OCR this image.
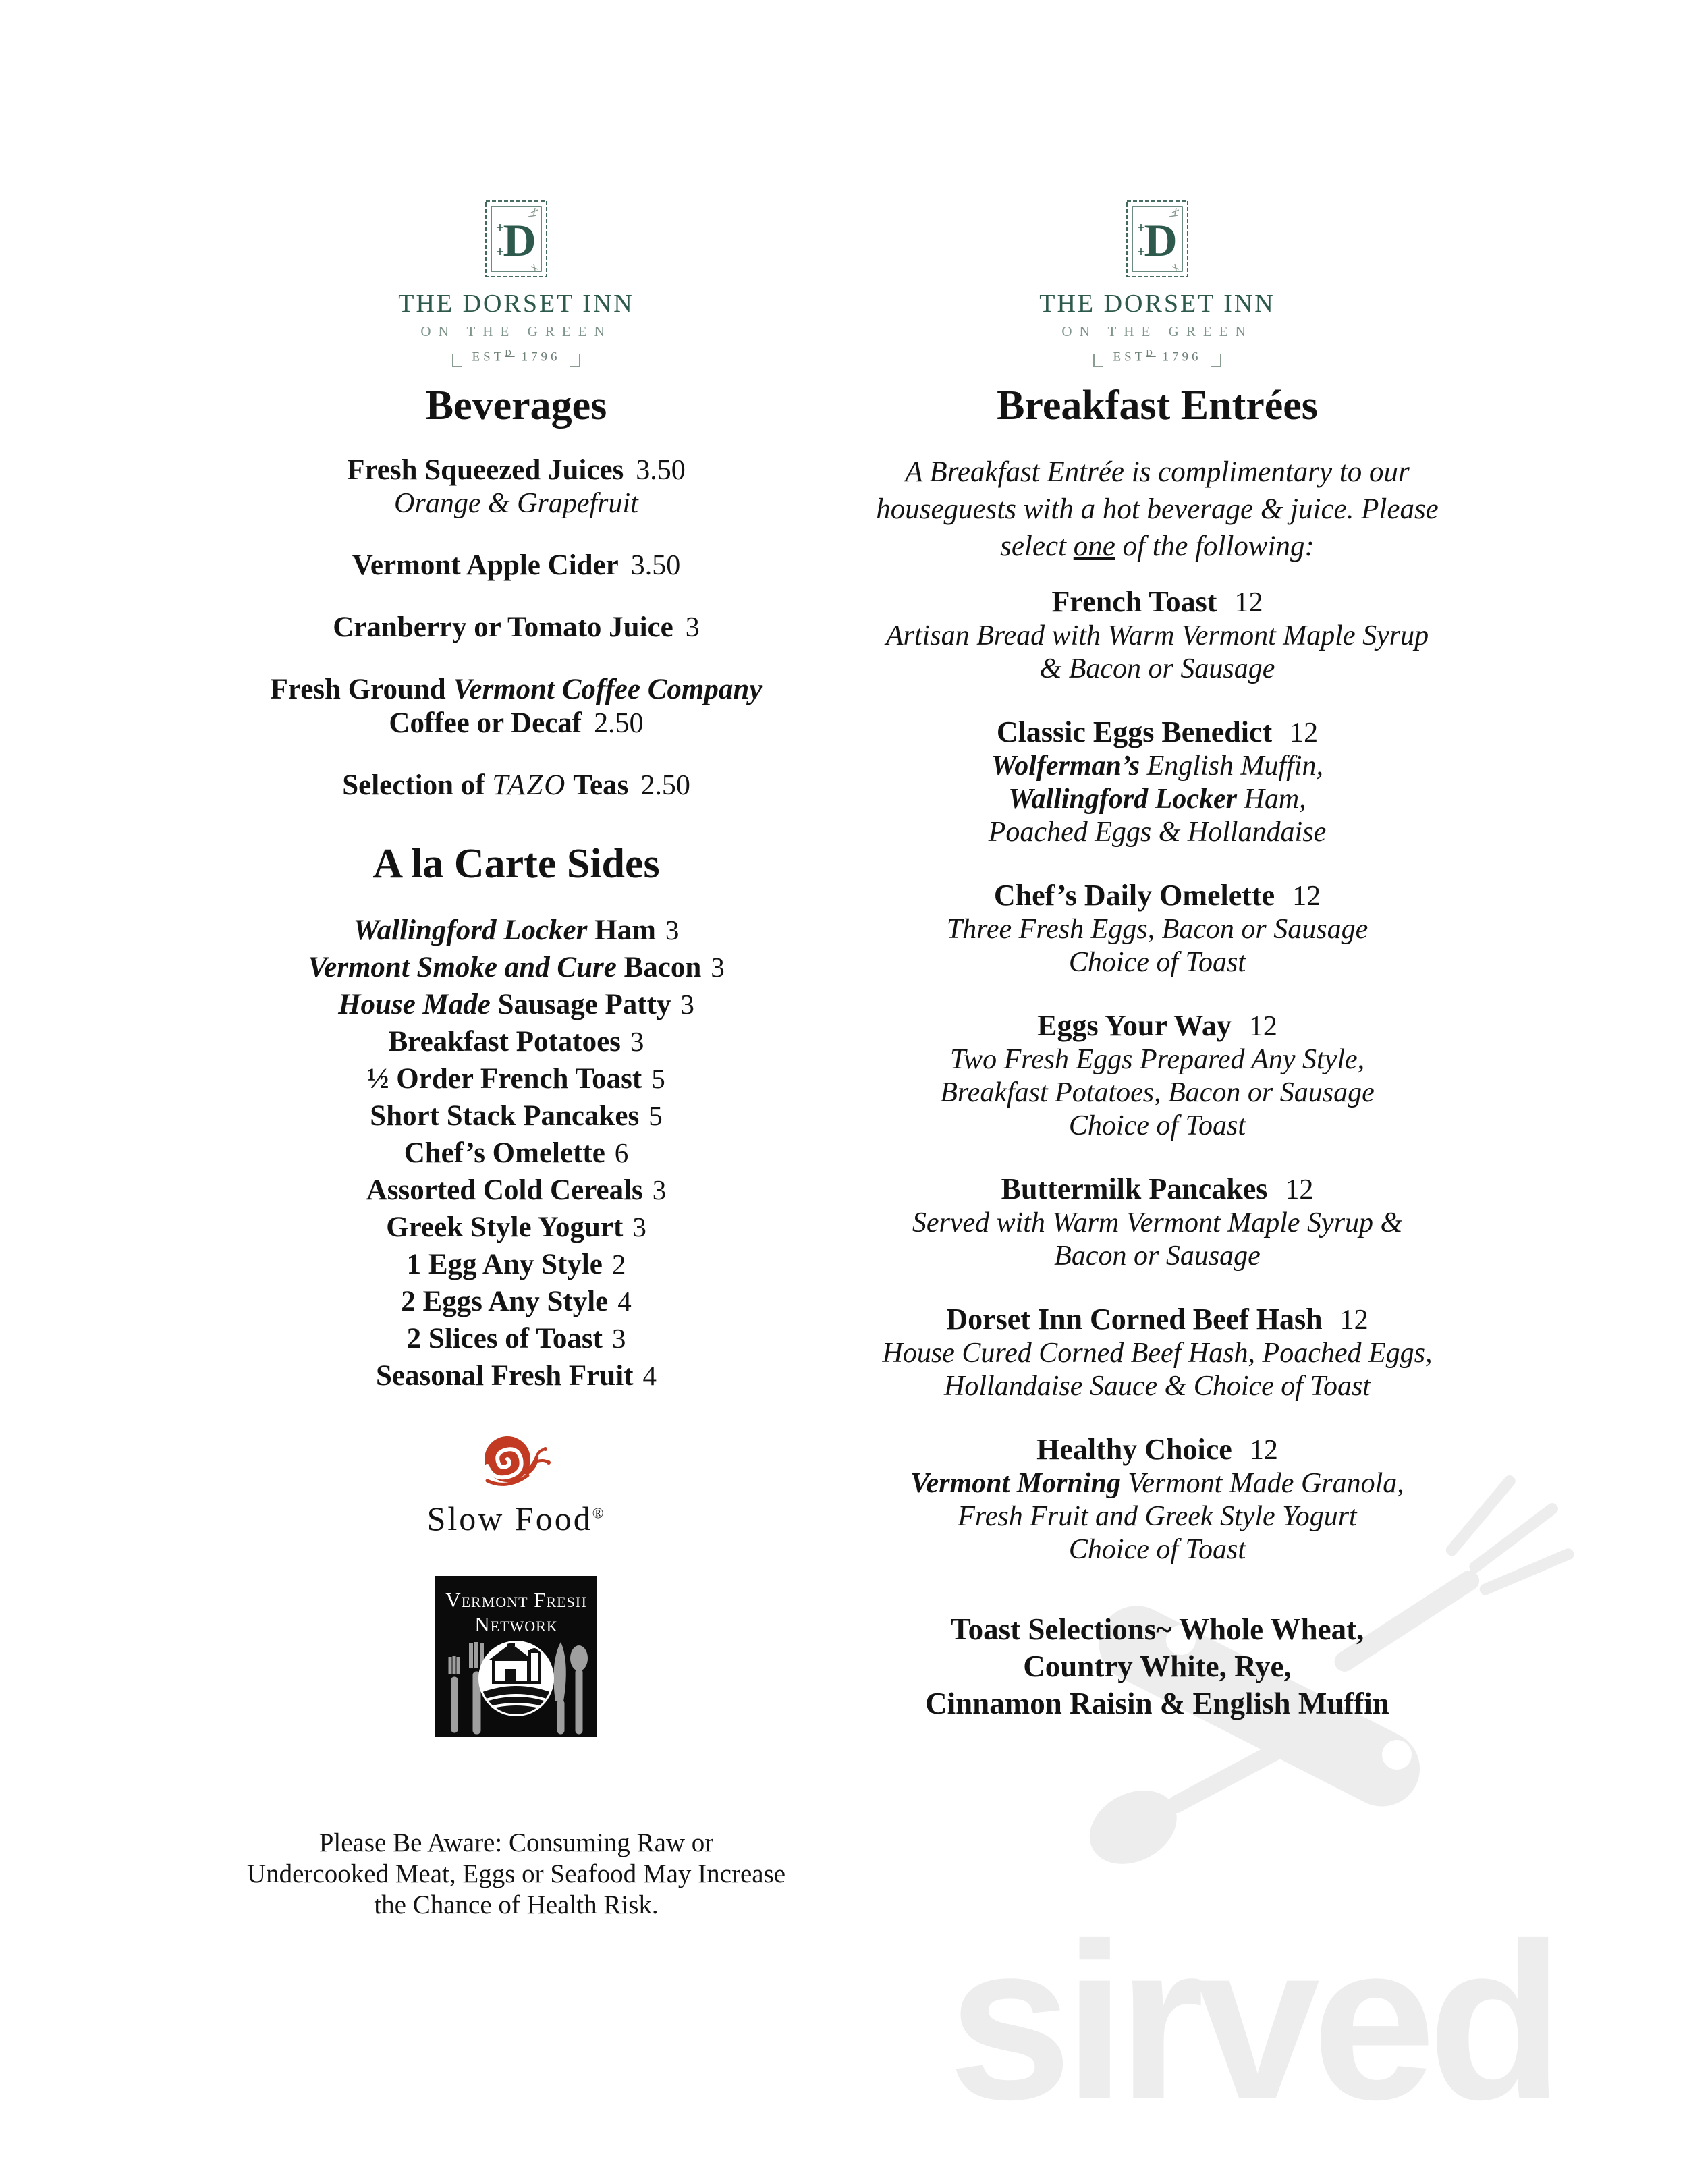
sirved
D
THE DORSET INN
ON THE GREEN
$EST^D$ 1796
Beverages
Fresh Squeezed Juices 3.50
Orange & Grapefruit
Vermont Apple Cider 3.50
Cranberry or Tomato Juice 3
Fresh Ground Vermont Coffee Company
Coffee or Decaf 2.50
Selection of TAZO Teas 2.50
A la Carte Sides
Wallingford Locker Ham 3
Vermont Smoke and Cure Bacon 3
House Made Sausage Patty 3
Breakfast Potatoes 3
½ Order French Toast 5
Short Stack Pancakes 5
Chef’s Omelette 6
Assorted Cold Cereals 3
Greek Style Yogurt 3
1 Egg Any Style 2
2 Eggs Any Style 4
2 Slices of Toast 3
Seasonal Fresh Fruit 4
Slow Food®
Vermont Fresh
Network
Please Be Aware: Consuming Raw or
Undercooked Meat, Eggs or Seafood May Increase
the Chance of Health Risk.
D
THE DORSET INN
ON THE GREEN
$EST^D$ 1796
Breakfast Entrées
A Breakfast Entrée is complimentary to our
houseguests with a hot beverage & juice. Please
select one of the following:
French Toast 12
Artisan Bread with Warm Vermont Maple Syrup
& Bacon or Sausage
Classic Eggs Benedict 12
Wolferman’s English Muffin,
Wallingford Locker Ham,
Poached Eggs & Hollandaise
Chef’s Daily Omelette 12
Three Fresh Eggs, Bacon or Sausage
Choice of Toast
Eggs Your Way 12
Two Fresh Eggs Prepared Any Style,
Breakfast Potatoes, Bacon or Sausage
Choice of Toast
Buttermilk Pancakes 12
Served with Warm Vermont Maple Syrup &
Bacon or Sausage
Dorset Inn Corned Beef Hash 12
House Cured Corned Beef Hash, Poached Eggs,
Hollandaise Sauce & Choice of Toast
Healthy Choice 12
Vermont Morning Vermont Made Granola,
Fresh Fruit and Greek Style Yogurt
Choice of Toast
Toast Selections~ Whole Wheat,
Country White, Rye,
Cinnamon Raisin & English Muffin
